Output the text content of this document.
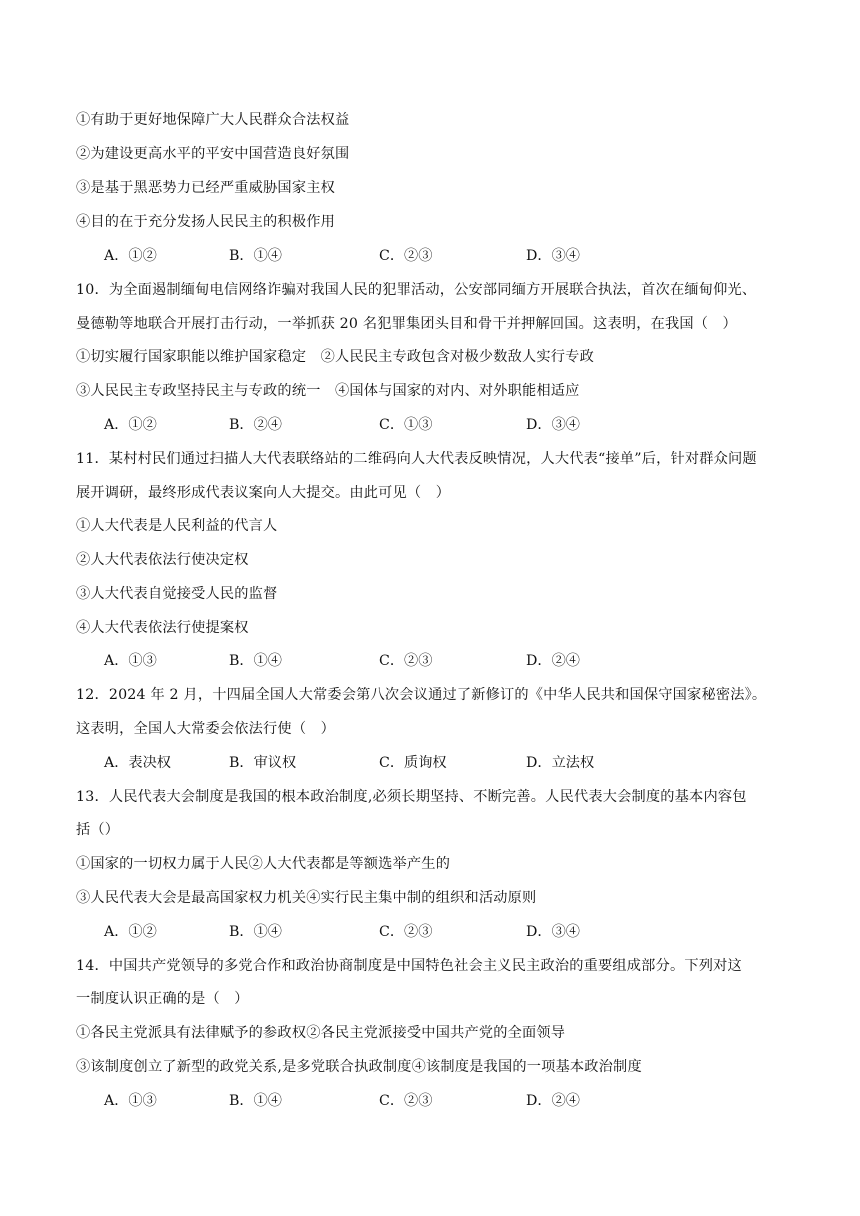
①有助于更好地保障广大人民群众合法权益
②为建设更高水平的平安中国营造良好氛围
③是基于黑恶势力已经严重威胁国家主权
④目的在于充分发扬人民民主的积极作用
A．①②	B．①④	C．②③	D．③④
10．为全面遏制缅甸电信网络诈骗对我国人民的犯罪活动，公安部同缅方开展联合执法，首次在缅甸仰光、
曼德勒等地联合开展打击行动，一举抓获 20 名犯罪集团头目和骨干并押解回国。这表明，在我国（　）
①切实履行国家职能以维护国家稳定　②人民民主专政包含对极少数敌人实行专政
③人民民主专政坚持民主与专政的统一　④国体与国家的对内、对外职能相适应
A．①②	B．②④	C．①③	D．③④
11．某村村民们通过扫描人大代表联络站的二维码向人大代表反映情况，人大代表“接单”后，针对群众问题
展开调研，最终形成代表议案向人大提交。由此可见（　）
①人大代表是人民利益的代言人
②人大代表依法行使决定权
③人大代表自觉接受人民的监督
④人大代表依法行使提案权
A．①③	B．①④	C．②③	D．②④
12．2024 年 2 月，十四届全国人大常委会第八次会议通过了新修订的《中华人民共和国保守国家秘密法》。
这表明，全国人大常委会依法行使（　）
A．表决权	B．审议权	C．质询权	D．立法权
13．人民代表大会制度是我国的根本政治制度,必须长期坚持、不断完善。人民代表大会制度的基本内容包
括（）
①国家的一切权力属于人民②人大代表都是等额选举产生的
③人民代表大会是最高国家权力机关④实行民主集中制的组织和活动原则
A．①②	B．①④	C．②③	D．③④
14．中国共产党领导的多党合作和政治协商制度是中国特色社会主义民主政治的重要组成部分。下列对这
一制度认识正确的是（　）
①各民主党派具有法律赋予的参政权②各民主党派接受中国共产党的全面领导
③该制度创立了新型的政党关系,是多党联合执政制度④该制度是我国的一项基本政治制度
A．①③	B．①④	C．②③	D．②④
